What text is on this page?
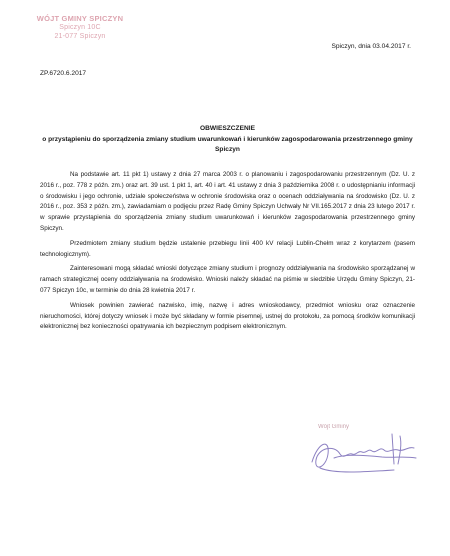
WÓJT GMINY SPICZYN
Spiczyn 10C
21-077 Spiczyn
Spiczyn, dnia 03.04.2017 r.
ZP.6720.6.2017
OBWIESZCZENIE
o przystąpieniu do sporządzenia zmiany studium uwarunkowań i kierunków zagospodarowania przestrzennego gminy Spiczyn

Na podstawie art. 11 pkt 1) ustawy z dnia 27 marca 2003 r. o planowaniu i zagospodarowaniu przestrzennym (Dz. U. z 2016 r., poz. 778 z późn. zm.) oraz art. 39 ust. 1 pkt 1, art. 40 i art. 41 ustawy z dnia 3 października 2008 r. o udostępnianiu informacji o środowisku i jego ochronie, udziale społeczeństwa w ochronie środowiska oraz o ocenach oddziaływania na środowisko (Dz. U. z 2016 r., poz. 353 z późn. zm.), zawiadamiam o podjęciu przez Radę Gminy Spiczyn Uchwały Nr VII.165.2017 z dnia 23 lutego 2017 r. w sprawie przystąpienia do sporządzenia zmiany studium uwarunkowań i kierunków zagospodarowania przestrzennego gminy Spiczyn.

Przedmiotem zmiany studium będzie ustalenie przebiegu linii 400 kV relacji Lublin-Chełm wraz z korytarzem (pasem technologicznym).

Zainteresowani mogą składać wnioski dotyczące zmiany studium i prognozy oddziaływania na środowisko sporządzanej w ramach strategicznej oceny oddziaływania na środowisko. Wnioski należy składać na piśmie w siedzibie Urzędu Gminy Spiczyn, 21-077 Spiczyn 10c, w terminie do dnia 28 kwietnia 2017 r.

Wniosek powinien zawierać nazwisko, imię, nazwę i adres wnioskodawcy, przedmiot wniosku oraz oznaczenie nieruchomości, której dotyczy wniosek i może być składany w formie pisemnej, ustnej do protokołu, za pomocą środków komunikacji elektronicznej bez konieczności opatrywania ich bezpiecznym podpisem elektronicznym.

Wójt Gminy
